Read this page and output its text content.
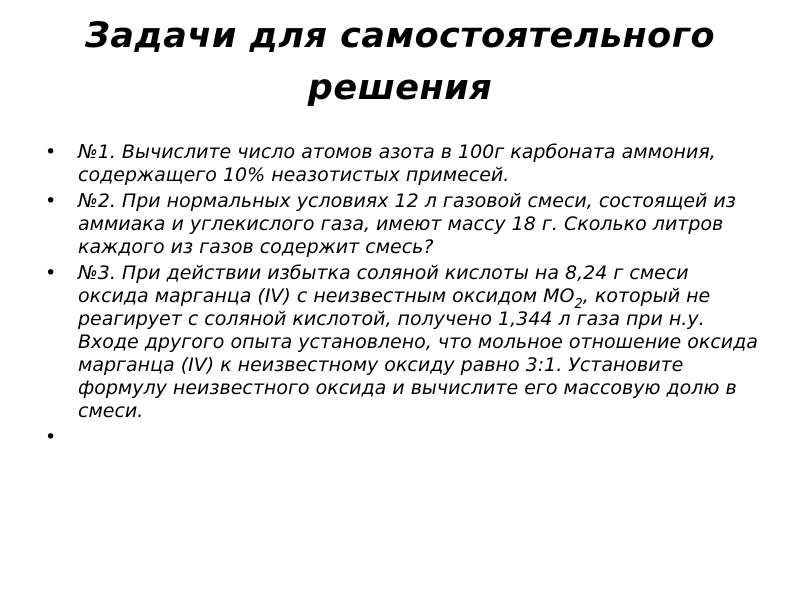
Задачи для самостоятельного решения
• №1. Вычислите число атомов азота в 100г карбоната аммония, содержащего 10% неазотистых примесей.
• №2. При нормальных условиях 12 л газовой смеси, состоящей из аммиака и углекислого газа, имеют массу 18 г. Сколько литров каждого из газов содержит смесь?
• №3. При действии избытка соляной кислоты на 8,24 г смеси оксида марганца (IV) с неизвестным оксидом $МО_2$, который не реагирует с соляной кислотой, получено 1,344 л газа при н.у. Входе другого опыта установлено, что мольное отношение оксида марганца (IV) к неизвестному оксиду равно 3:1. Установите формулу неизвестного оксида и вычислите его массовую долю в смеси.
•
